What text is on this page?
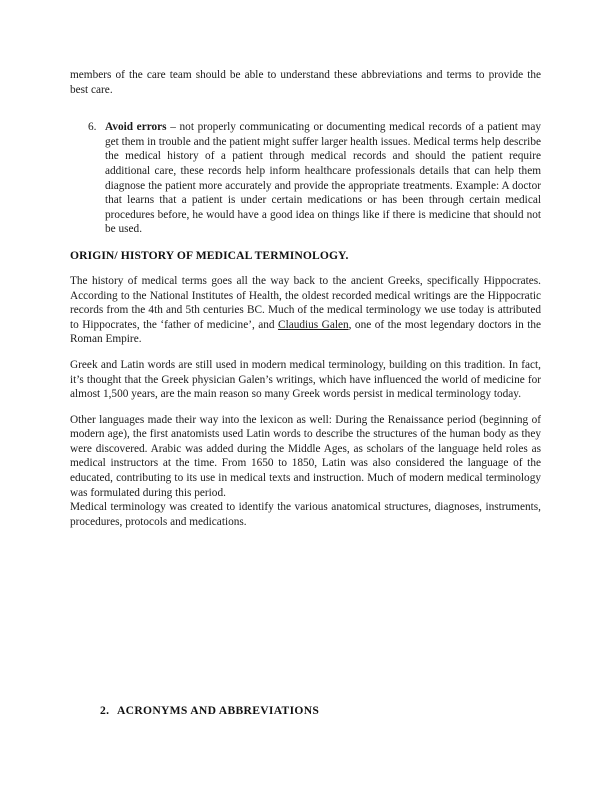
members of the care team should be able to understand these abbreviations and terms to provide the best care.

6. Avoid errors – not properly communicating or documenting medical records of a patient may get them in trouble and the patient might suffer larger health issues. Medical terms help describe the medical history of a patient through medical records and should the patient require additional care, these records help inform healthcare professionals details that can help them diagnose the patient more accurately and provide the appropriate treatments. Example: A doctor that learns that a patient is under certain medications or has been through certain medical procedures before, he would have a good idea on things like if there is medicine that should not be used.
ORIGIN/ HISTORY OF MEDICAL TERMINOLOGY.

The history of medical terms goes all the way back to the ancient Greeks, specifically Hippocrates. According to the National Institutes of Health, the oldest recorded medical writings are the Hippocratic records from the 4th and 5th centuries BC. Much of the medical terminology we use today is attributed to Hippocrates, the ‘father of medicine’, and Claudius Galen, one of the most legendary doctors in the Roman Empire.

Greek and Latin words are still used in modern medical terminology, building on this tradition. In fact, it’s thought that the Greek physician Galen’s writings, which have influenced the world of medicine for almost 1,500 years, are the main reason so many Greek words persist in medical terminology today.

Other languages made their way into the lexicon as well: During the Renaissance period (beginning of modern age), the first anatomists used Latin words to describe the structures of the human body as they were discovered. Arabic was added during the Middle Ages, as scholars of the language held roles as medical instructors at the time. From 1650 to 1850, Latin was also considered the language of the educated, contributing to its use in medical texts and instruction. Much of modern medical terminology was formulated during this period.

Medical terminology was created to identify the various anatomical structures, diagnoses, instruments, procedures, protocols and medications.

2. ACRONYMS AND ABBREVIATIONS
